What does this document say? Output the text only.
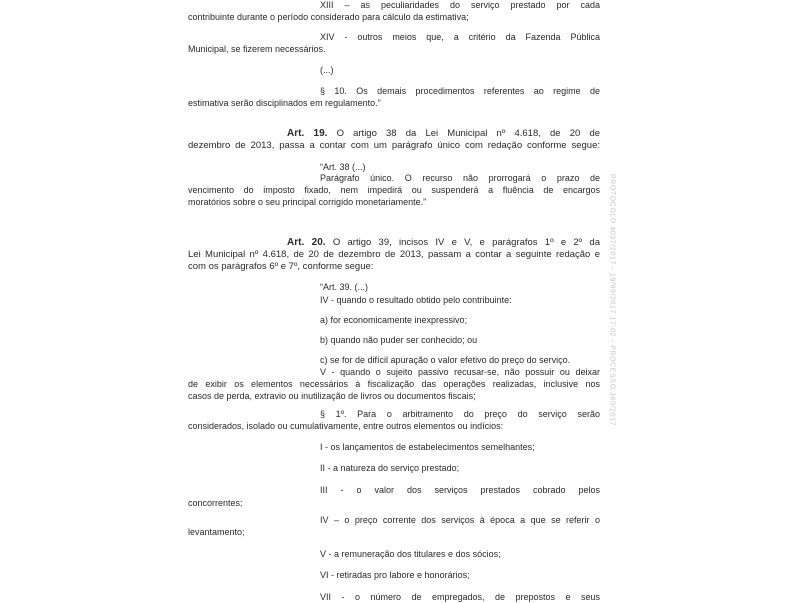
XIII – as peculiaridades do serviço prestado por cada
contribuinte durante o período considerado para cálculo da estimativa;
XIV - outros meios que, a critério da Fazenda Pública
Municipal, se fizerem necessários.
(...)
§ 10. Os demais procedimentos referentes ao regime de
estimativa serão disciplinados em regulamento.”
Art. 19. O artigo 38 da Lei Municipal nº 4.618, de 20 de
dezembro de 2013, passa a contar com um parágrafo único com redação conforme segue:
“Art. 38 (...)
Parágrafo único. O recurso não prorrogará o prazo de
vencimento do imposto fixado, nem impedirá ou suspenderá a fluência de encargos
moratórios sobre o seu principal corrigido monetariamente.”
Art. 20. O artigo 39, incisos IV e V, e parágrafos 1º e 2º da
Lei Municipal nº 4.618, de 20 de dezembro de 2013, passam a contar a seguinte redação e
com os parágrafos 6º e 7º, conforme segue:
“Art. 39. (...)
IV - quando o resultado obtido pelo contribuinte:
a) for economicamente inexpressivo;
b) quando não puder ser conhecido; ou
c) se for de difícil apuração o valor efetivo do preço do serviço.
V - quando o sujeito passivo recusar-se, não possuir ou deixar
de exibir os elementos necessários à fiscalização das operações realizadas, inclusive nos
casos de perda, extravio ou inutilização de livros ou documentos fiscais;
§ 1º. Para o arbitramento do preço do serviço serão
considerados, isolado ou cumulativamente, entre outros elementos ou indícios:
I - os lançamentos de estabelecimentos semelhantes;
II - a natureza do serviço prestado;
III - o valor dos serviços prestados cobrado pelos
concorrentes;
IV – o preço corrente dos serviços à época a que se referir o
levantamento;
V - a remuneração dos titulares e dos sócios;
VI - retiradas pro labore e honorários;
VII - o número de empregados, de prepostos e seus
PROTOCOLO 4037/2017 - 19/09/2017 17:02 - PROCESSO 360/2017
